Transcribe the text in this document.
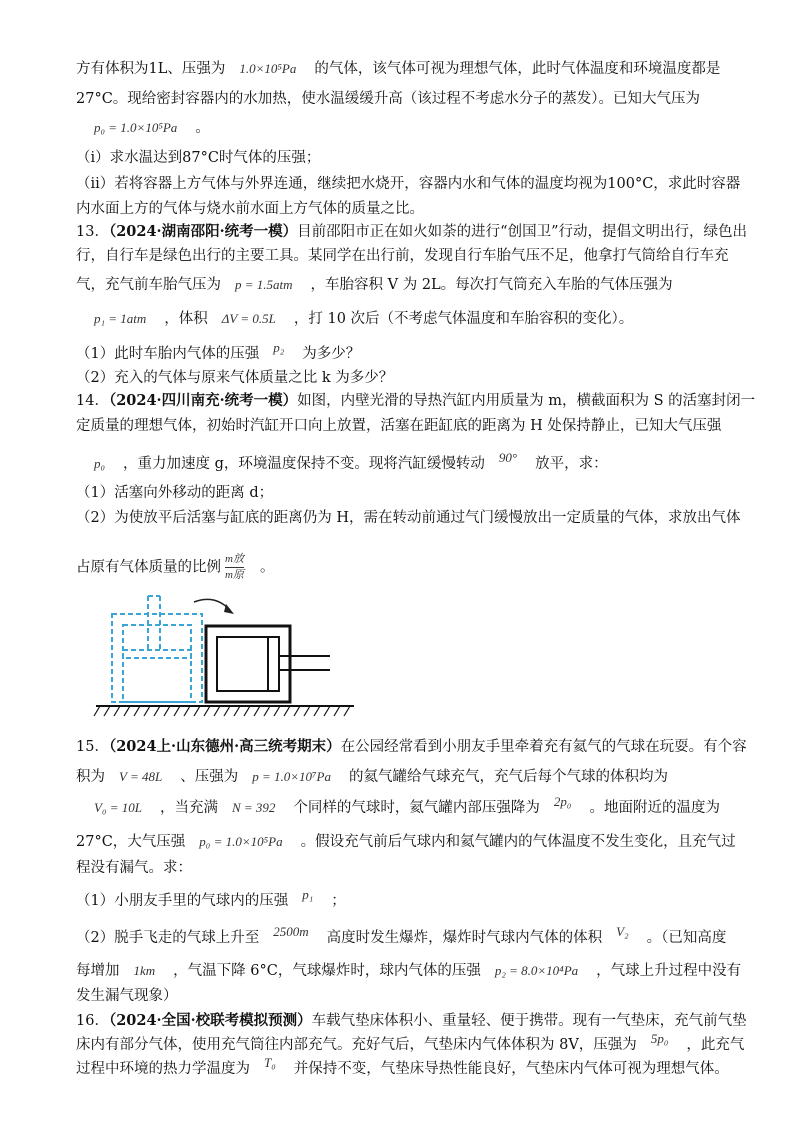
方有体积为1L、压强为 1.0×10⁵Pa 的气体，该气体可视为理想气体，此时气体温度和环境温度都是
27°C。现给密封容器内的水加热，使水温缓缓升高（该过程不考虑水分子的蒸发）。已知大气压为
p₀ = 1.0×10⁵Pa 。
（ⅰ）求水温达到87°C时气体的压强；
（ⅱ）若将容器上方气体与外界连通，继续把水烧开，容器内水和气体的温度均视为100°C，求此时容器
内水面上方的气体与烧水前水面上方气体的质量之比。
13．（2024·湖南邵阳·统考一模）目前邵阳市正在如火如荼的进行“创国卫”行动，提倡文明出行，绿色出
行，自行车是绿色出行的主要工具。某同学在出行前，发现自行车胎气压不足，他拿打气筒给自行车充
气，充气前车胎气压为 p = 1.5atm ，车胎容积 V 为 2L。每次打气筒充入车胎的气体压强为
p₁ = 1atm ，体积 ΔV = 0.5L ，打 10 次后（不考虑气体温度和车胎容积的变化）。
（1）此时车胎内气体的压强 p₂ 为多少？
（2）充入的气体与原来气体质量之比 k 为多少？
14．（2024·四川南充·统考一模）如图，内壁光滑的导热汽缸内用质量为 m，横截面积为 S 的活塞封闭一
定质量的理想气体，初始时汽缸开口向上放置，活塞在距缸底的距离为 H 处保持静止，已知大气压强
p₀ ，重力加速度 g，环境温度保持不变。现将汽缸缓慢转动 90° 放平，求：
（1）活塞向外移动的距离 d；
（2）为使放平后活塞与缸底的距离仍为 H，需在转动前通过气门缓慢放出一定质量的气体，求放出气体
占原有气体质量的比例 $\frac{\text{m放}}{\text{m原}}$ 。
15．（2024上·山东德州·高三统考期末）在公园经常看到小朋友手里牵着充有氦气的气球在玩耍。有个容
积为 V = 48L 、压强为 p = 1.0×10⁷Pa 的氦气罐给气球充气，充气后每个气球的体积均为
V₀ = 10L ，当充满 N = 392 个同样的气球时，氦气罐内部压强降为 2p₀ 。地面附近的温度为
27°C，大气压强 p₀ = 1.0×10⁵Pa 。假设充气前后气球内和氦气罐内的气体温度不发生变化，且充气过
程没有漏气。求：
（1）小朋友手里的气球内的压强 p₁ ；
（2）脱手飞走的气球上升至 2500m 高度时发生爆炸，爆炸时气球内气体的体积 V₂ 。（已知高度
每增加 1km ，气温下降 6°C，气球爆炸时，球内气体的压强 p₂ = 8.0×10⁴Pa ，气球上升过程中没有
发生漏气现象）
16．（2024·全国·校联考模拟预测）车载气垫床体积小、重量轻、便于携带。现有一气垫床，充气前气垫
床内有部分气体，使用充气筒往内部充气。充好气后，气垫床内气体体积为 8V，压强为 5p₀ ，此充气
过程中环境的热力学温度为 T₀ 并保持不变，气垫床导热性能良好，气垫床内气体可视为理想气体。
